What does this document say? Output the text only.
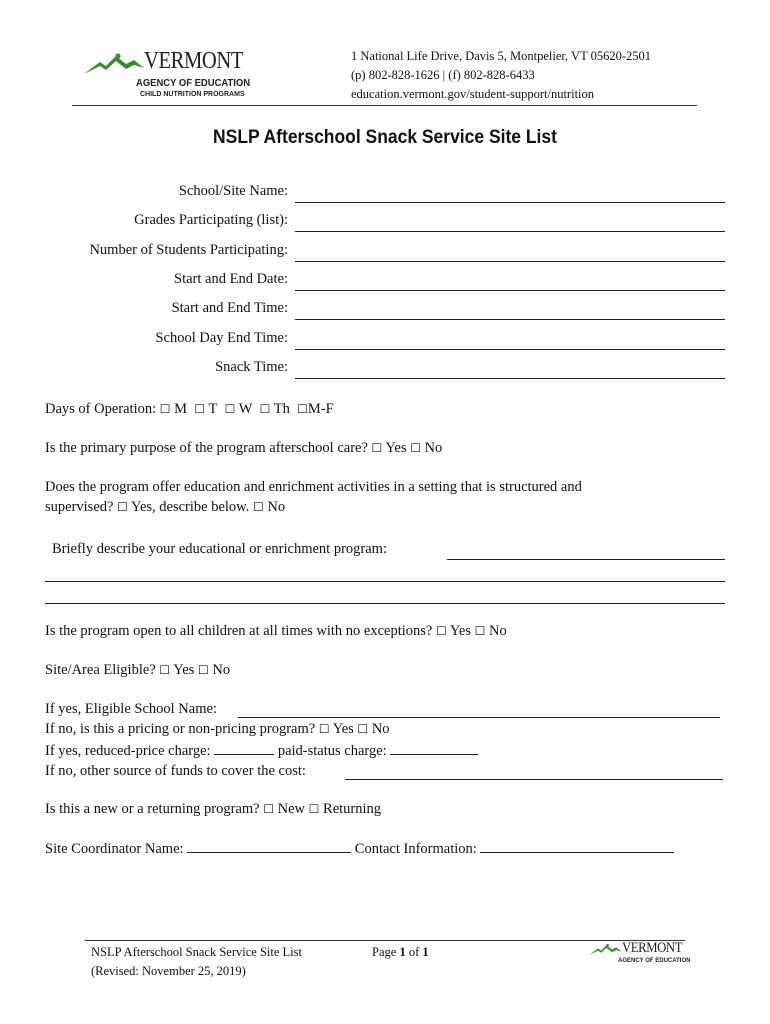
VERMONT
AGENCY OF EDUCATION
CHILD NUTRITION PROGRAMS
1 National Life Drive, Davis 5, Montpelier, VT 05620-2501
(p) 802-828-1626 | (f) 802-828-6433
education.vermont.gov/student-support/nutrition
NSLP Afterschool Snack Service Site List
School/Site Name:
Grades Participating (list):
Number of Students Participating:
Start and End Date:
Start and End Time:
School Day End Time:
Snack Time:
Days of Operation: ☐ M ☐ T ☐ W ☐ Th ☐M-F
Is the primary purpose of the program afterschool care? ☐ Yes ☐ No
Does the program offer education and enrichment activities in a setting that is structured and
supervised? ☐ Yes, describe below. ☐ No
Briefly describe your educational or enrichment program:
Is the program open to all children at all times with no exceptions? ☐ Yes ☐ No
Site/Area Eligible? ☐ Yes ☐ No
If yes, Eligible School Name:
If no, is this a pricing or non-pricing program? ☐ Yes ☐ No
If yes, reduced-price charge:	paid-status charge:
If no, other source of funds to cover the cost:
Is this a new or a returning program? ☐ New ☐ Returning
Site Coordinator Name:	Contact Information:
NSLP Afterschool Snack Service Site List
(Revised: November 25, 2019)
Page 1 of 1	VERMONT
AGENCY OF EDUCATION
